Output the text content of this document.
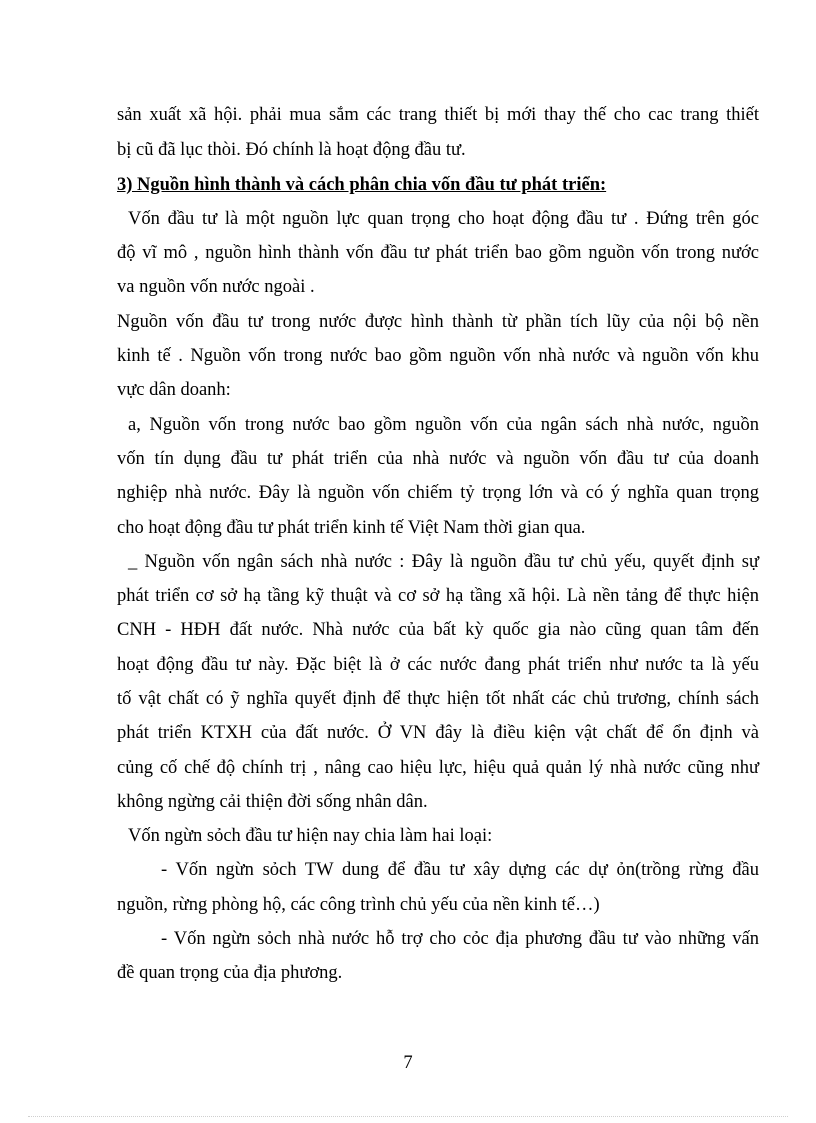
sản xuất xã hội. phải mua sắm các trang thiết bị mới thay thế cho cac trang thiết
bị cũ đã lục thòi. Đó chính là hoạt động đầu tư.
3) Nguồn hình thành và cách phân chia vốn đầu tư phát triển:
Vốn đầu tư là một nguồn lực quan trọng cho hoạt động đầu tư . Đứng trên góc
độ vĩ mô , nguồn hình thành vốn đầu tư phát triển bao gồm nguồn vốn trong nước
va nguồn vốn nước ngoài .
Nguồn vốn đầu tư trong nước được hình thành từ phần tích lũy của nội bộ nền
kinh tế . Nguồn vốn trong nước bao gồm nguồn vốn nhà nước và nguồn vốn khu
vực dân doanh:
a, Nguồn vốn trong nước bao gồm nguồn vốn của ngân sách nhà nước, nguồn
vốn tín dụng đầu tư phát triển của nhà nước và nguồn vốn đầu tư của doanh
nghiệp nhà nước. Đây là nguồn vốn chiếm tỷ trọng lớn và có ý nghĩa quan trọng
cho hoạt động đầu tư phát triển kinh tế Việt Nam thời gian qua.
_ Nguồn vốn ngân sách nhà nước : Đây là nguồn đầu tư chủ yếu, quyết định sự
phát triển cơ sở hạ tầng kỹ thuật và cơ sở hạ tầng xã hội. Là nền tảng để thực hiện
CNH - HĐH đất nước. Nhà nước của bất kỳ quốc gia nào cũng quan tâm đến
hoạt động đầu tư này. Đặc biệt là ở các nước đang phát triển như nước ta là yếu
tố vật chất có ỹ nghĩa quyết định để thực hiện tốt nhất các chủ trương, chính sách
phát triển KTXH của đất nước. Ở VN đây là điều kiện vật chất để ổn định và
củng cố chế độ chính trị , nâng cao hiệu lực, hiệu quả quản lý nhà nước cũng như
không ngừng cải thiện đời sống nhân dân.
Vốn ngừn sỏch đầu tư hiện nay chia làm hai loại:
- Vốn ngừn sỏch TW dung để đầu tư xây dựng các dự ỏn(trồng rừng đầu
nguồn, rừng phòng hộ, các công trình chủ yếu của nền kinh tế…)
- Vốn ngừn sỏch nhà nước hỗ trợ cho cỏc địa phương đầu tư vào những vấn
đề quan trọng của địa phương.
7
